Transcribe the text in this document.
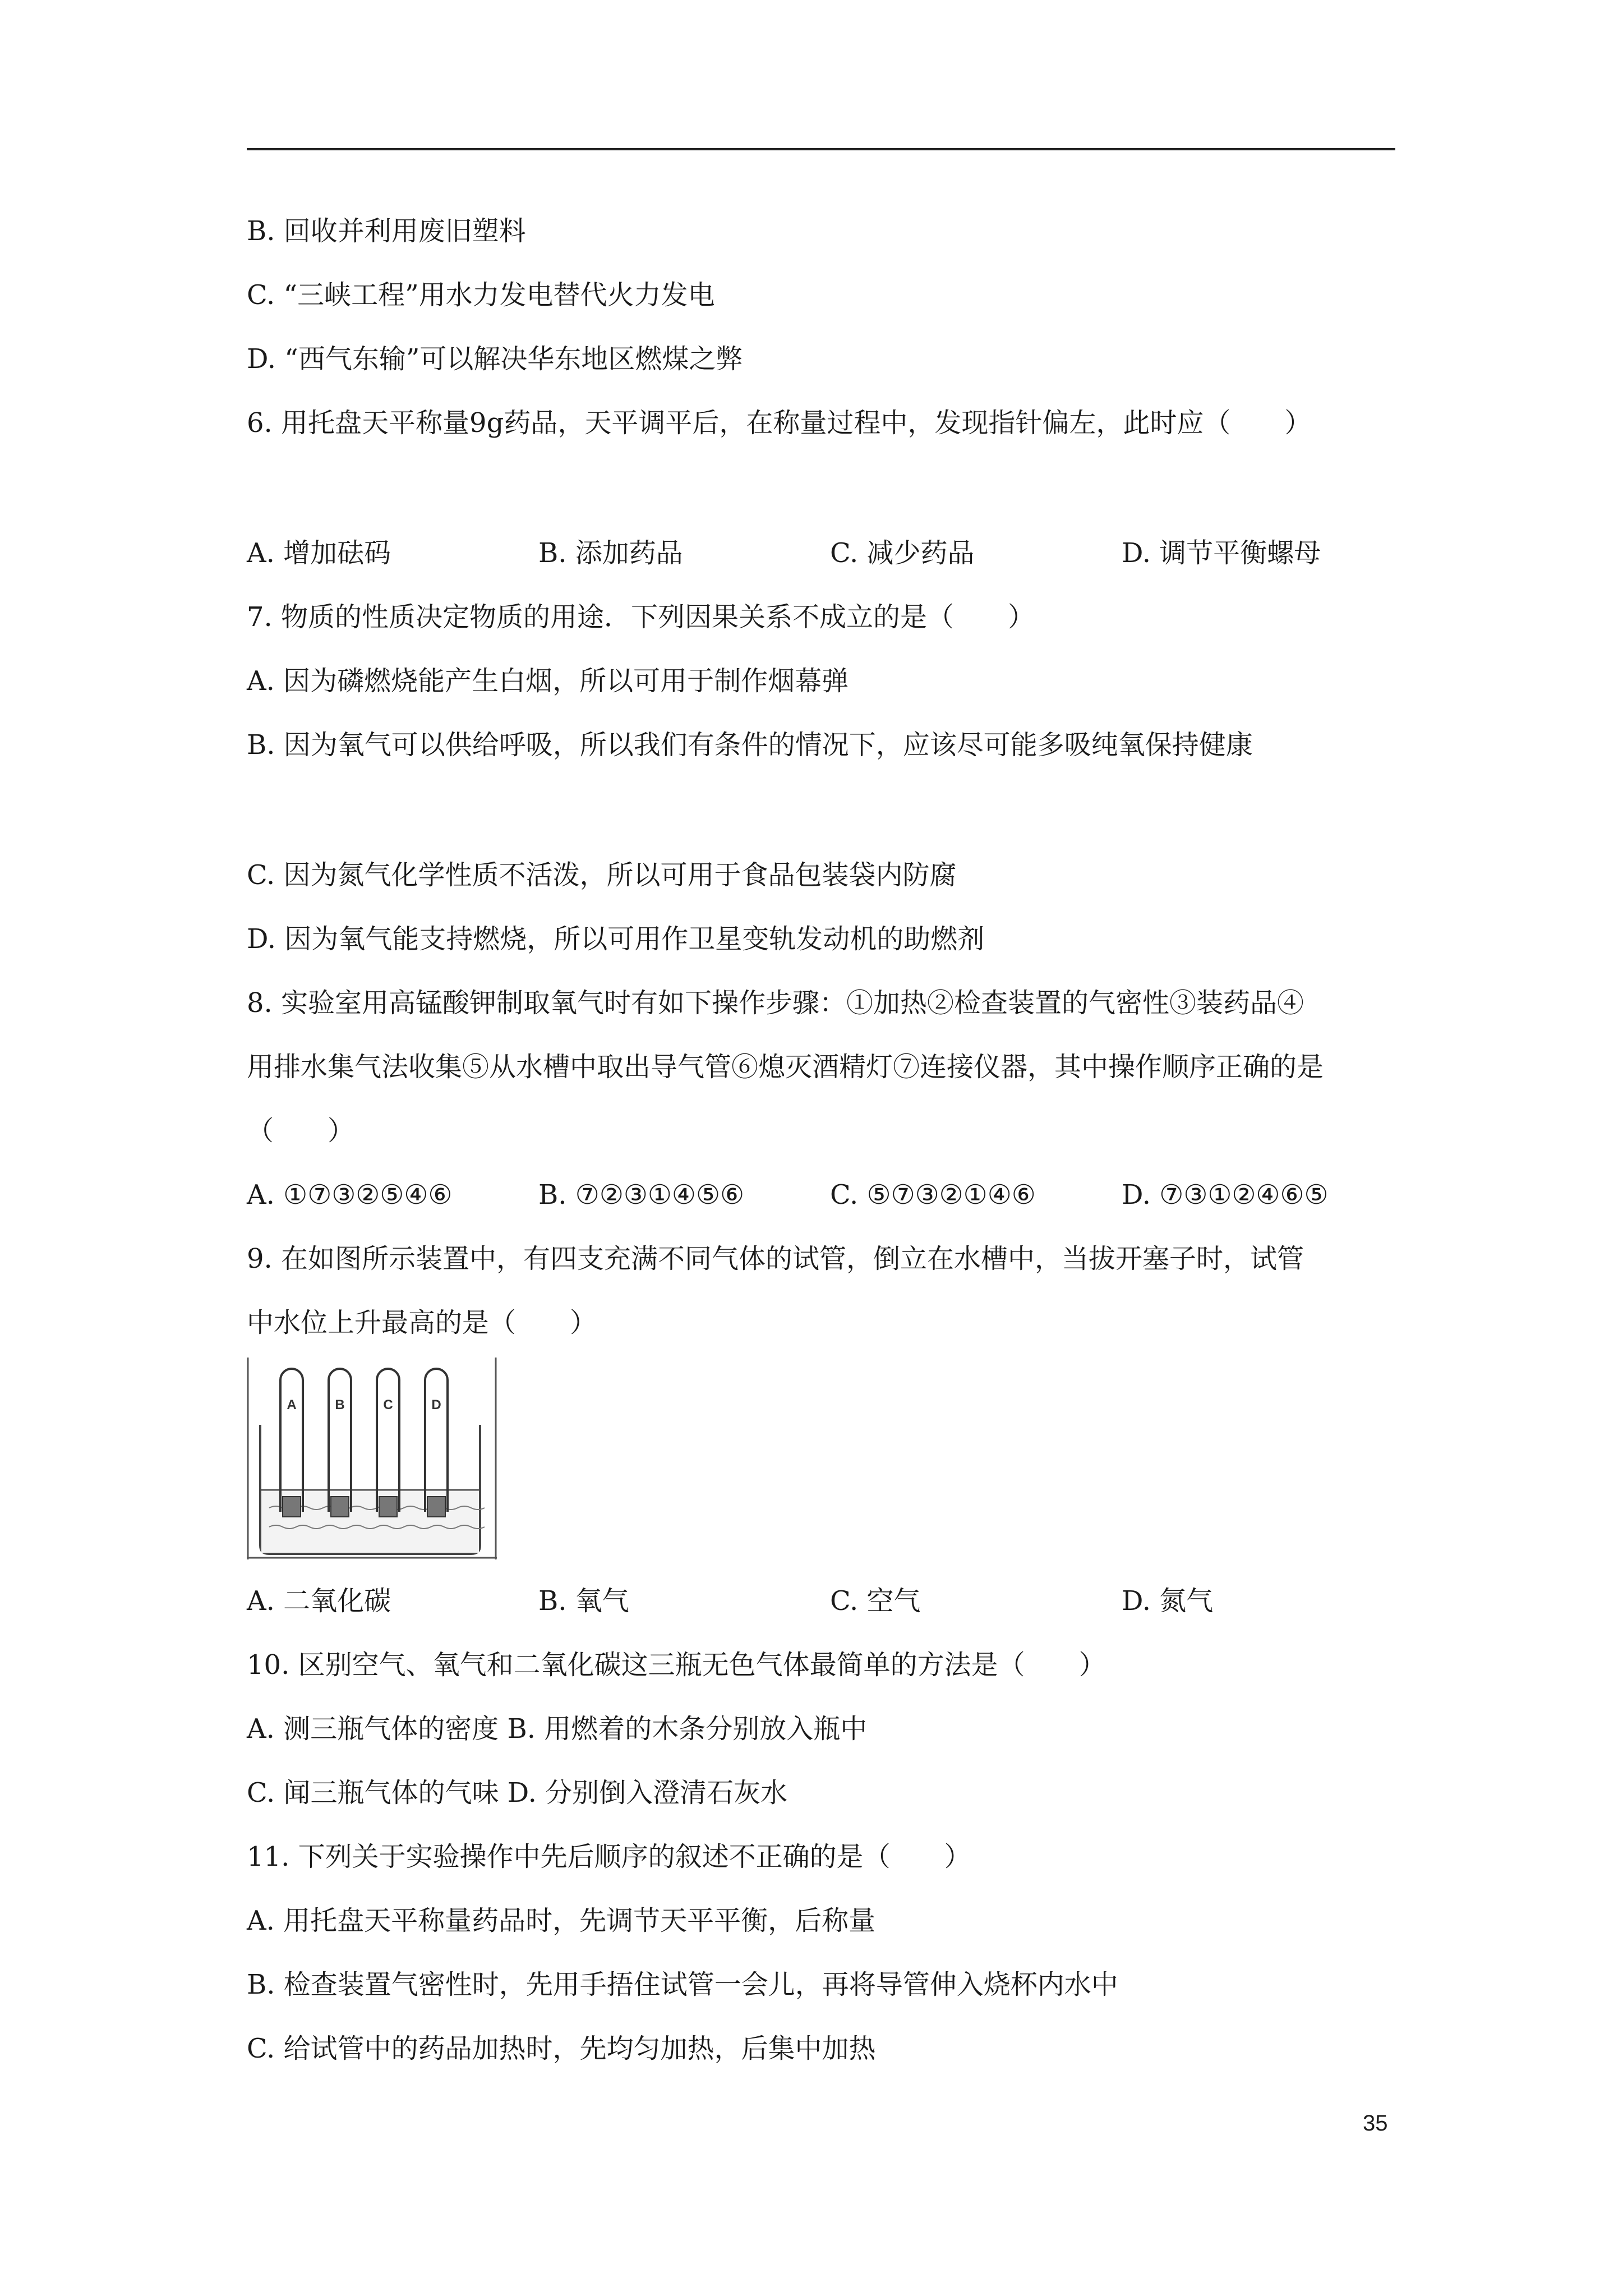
B. 回收并利用废旧塑料
C. “三峡工程”用水力发电替代火力发电
D. “西气东输”可以解决华东地区燃煤之弊
6. 用托盘天平称量9g药品，天平调平后，在称量过程中，发现指针偏左，此时应（　　）
A. 增加砝码	B. 添加药品	C. 减少药品	D. 调节平衡螺母
7. 物质的性质决定物质的用途．下列因果关系不成立的是（　　）
A. 因为磷燃烧能产生白烟，所以可用于制作烟幕弹
B. 因为氧气可以供给呼吸，所以我们有条件的情况下，应该尽可能多吸纯氧保持健康
C. 因为氮气化学性质不活泼，所以可用于食品包装袋内防腐
D. 因为氧气能支持燃烧，所以可用作卫星变轨发动机的助燃剂
8. 实验室用高锰酸钾制取氧气时有如下操作步骤：①加热②检查装置的气密性③装药品④
用排水集气法收集⑤从水槽中取出导气管⑥熄灭酒精灯⑦连接仪器，其中操作顺序正确的是
（　　）
A. ①⑦③②⑤④⑥	B. ⑦②③①④⑤⑥	C. ⑤⑦③②①④⑥	D. ⑦③①②④⑥⑤
9. 在如图所示装置中，有四支充满不同气体的试管，倒立在水槽中，当拔开塞子时，试管
中水位上升最高的是（　　）
A	B	C	D
A. 二氧化碳	B. 氧气	C. 空气	D. 氮气
10. 区别空气、氧气和二氧化碳这三瓶无色气体最简单的方法是（　　）
A. 测三瓶气体的密度 B. 用燃着的木条分别放入瓶中
C. 闻三瓶气体的气味 D. 分别倒入澄清石灰水
11. 下列关于实验操作中先后顺序的叙述不正确的是（　　）
A. 用托盘天平称量药品时，先调节天平平衡，后称量
B. 检查装置气密性时，先用手捂住试管一会儿，再将导管伸入烧杯内水中
C. 给试管中的药品加热时，先均匀加热，后集中加热
35
